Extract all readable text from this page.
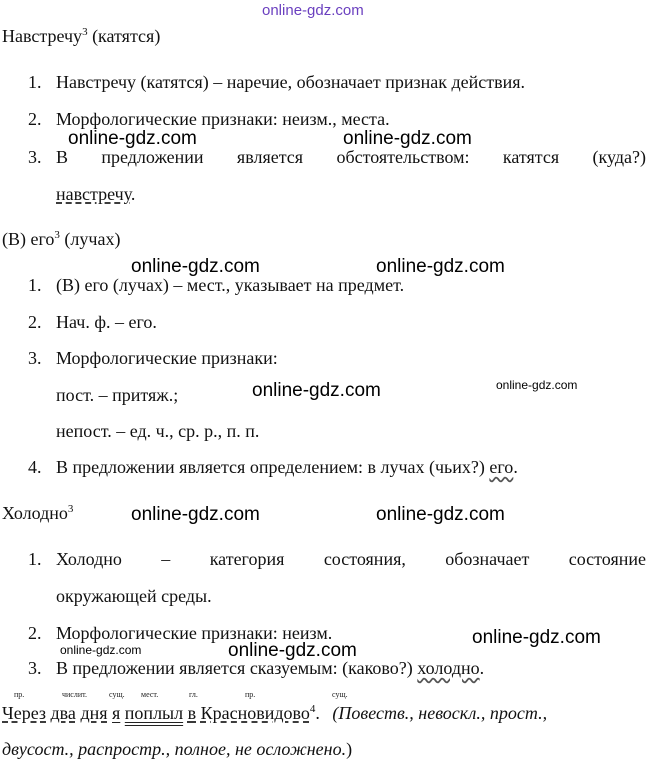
online-gdz.com
online-gdz.com	online-gdz.com
online-gdz.com	online-gdz.com
online-gdz.com	online-gdz.com
online-gdz.com	online-gdz.com
online-gdz.com
online-gdz.com
online-gdz.com
Навстречу$^3$ (катятся)
1. Навстречу (катятся) – наречие, обозначает признак действия.
2. Морфологические признаки: неизм., места.
3. В предложении является обстоятельством: катятся (куда?)
навстречу.
(В) его$^3$ (лучах)
1. (В) его (лучах) – мест., указывает на предмет.
2. Нач. ф. – его.
3. Морфологические признаки:
пост. – притяж.;
непост. – ед. ч., ср. р., п. п.
4. В предложении является определением: в лучах (чьих?) его.
Холодно$^3$
1. Холодно – категория состояния, обозначает состояние
окружающей среды.
2. Морфологические признаки: неизм.
3. В предложении является сказуемым: (каково?) холодно.
пр.	числит.	сущ. мест.	гл.	пр.	сущ.
Через два дня я поплыл в Красновидово$^4$. (Повеств., невоскл., прост.,
двусост., распростр., полное, не осложнено.)
